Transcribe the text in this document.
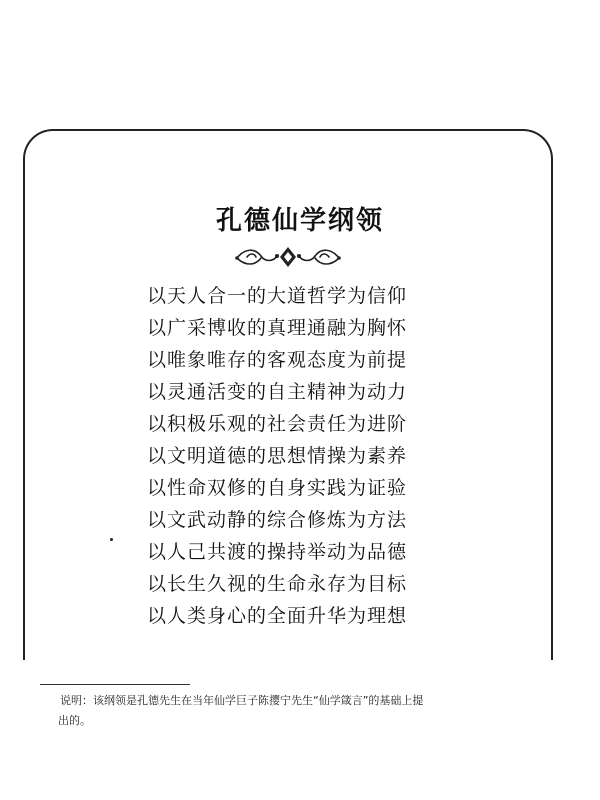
孔德仙学纲领
以天人合一的大道哲学为信仰
以广采博收的真理通融为胸怀
以唯象唯存的客观态度为前提
以灵通活变的自主精神为动力
以积极乐观的社会责任为进阶
以文明道德的思想情操为素养
以性命双修的自身实践为证验
以文武动静的综合修炼为方法
以人己共渡的操持举动为品德
以长生久视的生命永存为目标
以人类身心的全面升华为理想
说明：该纲领是孔德先生在当年仙学巨子陈撄宁先生“仙学箴言”的基础上提
出的。
